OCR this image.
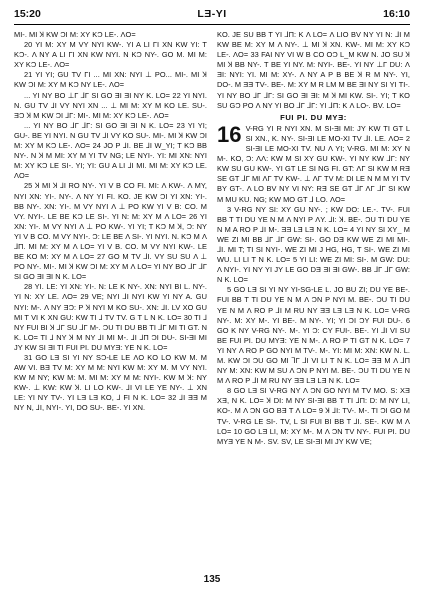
15:20	LƎ-YI	16:10

MI-. MI Ʞ KW ƆI M: XY KƆ LE-. ΛO=

20 YI M: XY M VY NYI KW-. YI A LI ΓI XN KW YI: T KƆ-. Λ NY A LI ΓI XN KW NYI. N KƆ NY-. GO M. MI M: XY KƆ LE-. ΛO=

21 YI YI; GU TV ΓI ... MI XN: NYI ⊥ PO... MI-. MI Ʞ KW ƆI M: XY M KƆ NY LE-. ΛO=

... YI NY BO ⊥Γ ⅃Γ SI GO ƎI ƎI NY K. LO= 22 YI NYI. N. GU TV ⅃I VY NYI XN ... ⊥ MI M: XY M KO LE. SU-. ƎƆ Ʞ M KW ƆI ⅃Γ: MI-. MI M: XY KƆ LE-. ΛO=

... YI NY BO ⅃Γ ⅃Γ: SI GO ƎI ƎI N K. LO= 23 YI YI; GU-. BE YI NYI. N GU TV ⅃I VY KO SU-. MI-. MI Ʞ KW ƆI M: XY M KƆ LE-. ΛO= 24 JO P ⅃I. BE ⅃I W_YI; T KƆ BB NY-. N Ʞ M MI: XY M YI TV NG; LE NYI-. YI: MI XN: NYI M: XY KƆ LE SI-. YI; YI: GU A LI ⅃I MI. MI M: XY KƆ LE. ΛO=

25 Ʞ MI Ʞ ⅃I RO NY-. YI V B CO FI. MI: Λ KW-. Λ MY, NYI XN: YI-. NY-. Λ NY YI FI. KO. JE KW ƆI YI XN: YI-. BB NY-. XN: YI-. M VY NYI Λ ⊥ PO KW YI V B: CO. M VY. NYI-. LE BE KƆ LE SI-. YI N: M: XY M Λ LO= 26 YI XN: YI-. M VY NYI Λ ⊥ PO KW-. YI YI; T KƆ M Ʞ, Ɔ: NY YI V B CO. M VY NYI-. Ɔ: LE BE Λ SI-. YI NYI. N. KƆ M Λ ⅃Π. MI M: XY M Λ LO= YI V B. CO. M VY NYI KW-. LE BE KO M: XY M Λ LO= 27 GO M TV ⅃I. VY SU SU Λ ⊥ PO NY-. MI-. MI Ʞ KW ƆI M: XY M Λ LO= YI NY BO ⅃Γ ⅃Γ SI GO ƎI ƎI N K. LO=

28 YI. LE: YI XN: YI-. N: LE K NY-. XN: NYI BI L. NY-. YI N: XY LE. ΛO= 29 VE; NYI ⅃I NYI KW YI NY A. GU NYI: M-. Λ NY ƎƆ: P Ʞ NYI M KO SU-. XN: ⅃I. LV XO GU MI T VI K XN GU: KW TI ⅃ TV TV. G T L N K. LO= 30 TI ⅃ NY FUI BI Ʞ ⅃Γ SU ⅃Γ M-. ƆU TI DU BB TI ⅃Γ MI TI GT. N K. LO= TI ⅃ NY Ʞ M NY ⅃I MI M-. ⅃I ⅃Π ƆI DU-. SI-ƎI MI JY KW SI ƎI TI FUI PI. DU MYƎ: YE N K. LO=

31 GO LƎ SI YI NY SƆ-LE LE ΛO KO LO KW M. M AW VI. BƎ TV M: XY M M: NYI KW M: XY M. M VY NYI. KW M NY; KW M: M. MI M: XY M M: NYI-. KW M Ʞ: NY KW-. ⊥ KW: KW Ʞ. LI LO KW-. ⅃I VI LE YE NY-. ⊥ XN LE: YI NY TV-. YI LƎ LƎ KO, ⅃ FI N K. LO= 32 ⅃I ƎƎ M NY N, ⅃I, NYI-. YI, DO SU-. BE-. YI XN.

KO. JE SU BB T YI ⅃Π: K Λ LO= Λ LIO BV NY YI N: ⅃I M KW BE M: XY M Λ NY-. ⊥ MI Ʞ XN. KW-. MI M: XY KƆ LE-. ΛO= 33 FAI NY VI W B CO OƆ L_M KW N. JO SU Ʞ MI Ʞ BB NY-. T BE YI NY. M: NYI-. BE-. YI NY ⊥Γ DU: Λ ƎI: NYI: YI. MI M: XY-. Λ NY A P B BE Ʞ R M NY-. YI, DO-. M ƎƎ TV-. BE-. M: XY M R LM M BE ƎI NY SI YI TI-. YI NY BO ⅃Γ ⅃Γ: SI GO ƎI ƎI: M Ʞ MI KW. SI-. YI; T KO SU GƆ PO Λ NY YI BO ⅃Γ ⅃Γ: YI ⅃Π: K Λ LO-. BV. LO=

FUI PI. DU MYƎ:

16 V-RG YI R NYI XN. M SI-ƎI MI: JY KW TI GT L SI XN., K. NY-. SI-ƎI LE MO-XI TV ⅃I. LE. ΛO= 2 SI-ƎI LE MO-XI TV. NU Λ YI; V-RG. MI M: XY N M-. KO, Ɔ: ΛΛ: KW M SI XY GU KW-. YI NY KW ⅃Γ: NY KW SU GU KW-. YI GT LE SI NG FI. GT: ΛΓ SI KW M RƎ SE GT ⅃Γ MI ΛΓ TV KW-. ⊥ ΛΓ TV M: DI LE N M M YI TV BY GT-. Λ LO BV NY VI NY: RƎ SE GT ⅃Γ ΛΓ ⅃Γ SI KW M MU KU. NG; KW MO GT ⅃ LO. ΛO=

3 V-RG NY SI: XY GU NY-. ; KW DO: LE.-. TV-. FUI BB T TI DU YE N M Λ NYI P ΛY. ⅃I: Ʞ. BE-. ƆU TI DU YE N M A RO P ⅃I M-. ƎƎ LƎ LƎ N K. LO= 4 YI NY SI XY_ M WE ZI MI BB ⅃Γ ⅃Γ GW: SI-. GO DƎ KW WE ZI MI MI-. ⅃I. MI T; TI SI NYI-. WE ZI MI J HG, HG, T SI-. WE ZI MI WU. LI LI T N K. LO= 5 YI LI: WE ZI MI: SI-. M GW: DU: Λ NYI-. YI NY YI JY LE GO DƎ ƎI ƎI GW-. BB ⅃Γ ⅃Γ GW: N K. LO=

5 GO LƎ SI YI NY YI-SG-LE L. JO BU ZI; DU YE BE-. FUI BB T TI DU YE N M Λ ƆN P NYI M. BE-. ƆU TI DU YE N M Λ RO P ⅃I M RU NY ƎƎ LƎ LƎ N K. LO= V-RG NY-. M: XY M-. YI BE-. M NY-. YI; YI ƆI ƆY FUI DU-. 6 GO K NY V-RG NY-. M-. YI Ɔ: CY FUI-. BE-. YI ⅃I VI SU BE FUI PI. DU MYƎ: YE N M-. Λ RO P TI GT N K. LO= 7 YI NY Λ RO P GO NYI M TV-. M-. YI: MI M: XN: KW N. L. M. KW ƆI ƆU GO MI ⅂Γ ⅃I VI LI T N K. LO= ƎƎ M Λ ⅃Π NY M: XN: KW M SU Λ ƆN P NYI M. BE-. ƆU TI DU YE N M Λ RO P ⅃I M RU NY ƎƎ LƎ LƎ N K. LO=

8 GO LƎ SI V-RG NY Λ ƆN GO NYI M TV MO. S: XƎ XƎ, N K. LO= Ʞ DI: M NY SI-ƎI BB T TI ⅃Π: D: M NY LI, KO-. M Λ ƆN GO BƎ T Λ LO= 9 Ʞ ⅃I: TV-. M-. TI ƆI GO M TV-. V-RG LE SI-. TV, L SI FUI BI BB T ⅃I. SE-. KW M Λ LO= 10 GO LƎ LI, M: XY M-. M Λ ƆN TV NY-. FUI PI. DU MYƎ YE N M-. SV. SV, LE SI-ƎI MI JY KW VE;

135
